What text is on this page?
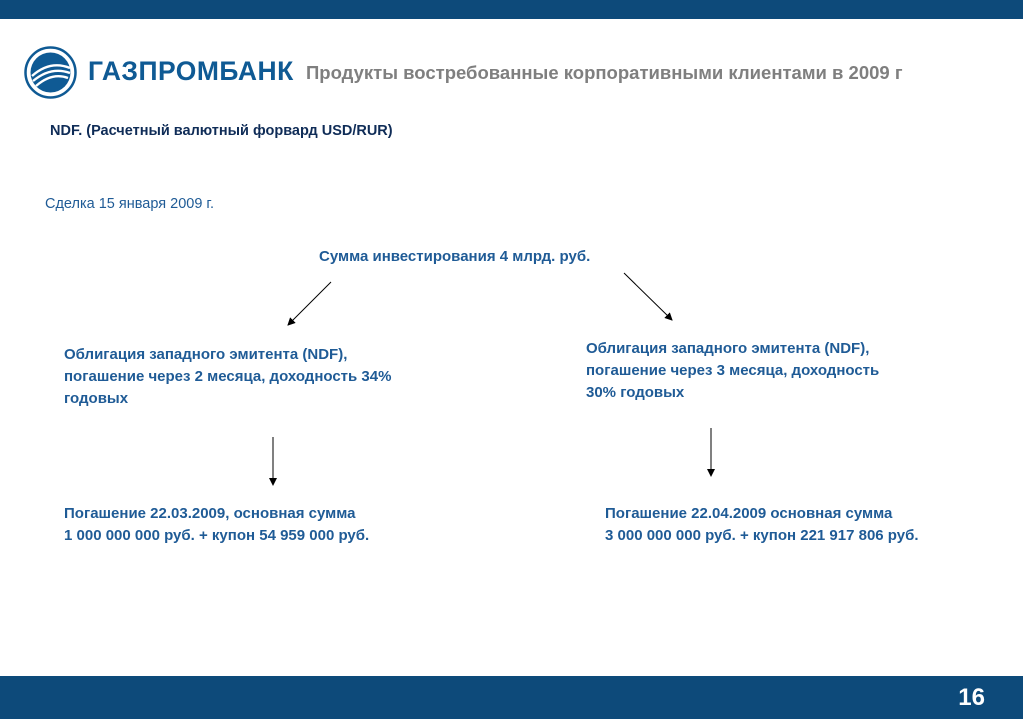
ГАЗПРОМБАНК Продукты востребованные корпоративными клиентами в 2009 г
NDF. (Расчетный валютный форвард USD/RUR)
Сделка 15 января 2009 г.
Сумма инвестирования 4 млрд. руб.
Облигация западного эмитента (NDF),
погашение через 2 месяца, доходность 34%
годовых
Облигация западного эмитента (NDF),
погашение через 3 месяца, доходность
30% годовых
Погашение 22.03.2009, основная сумма
1 000 000 000 руб. + купон 54 959 000 руб.
Погашение 22.04.2009 основная сумма
3 000 000 000 руб. + купон 221 917 806 руб.
16
